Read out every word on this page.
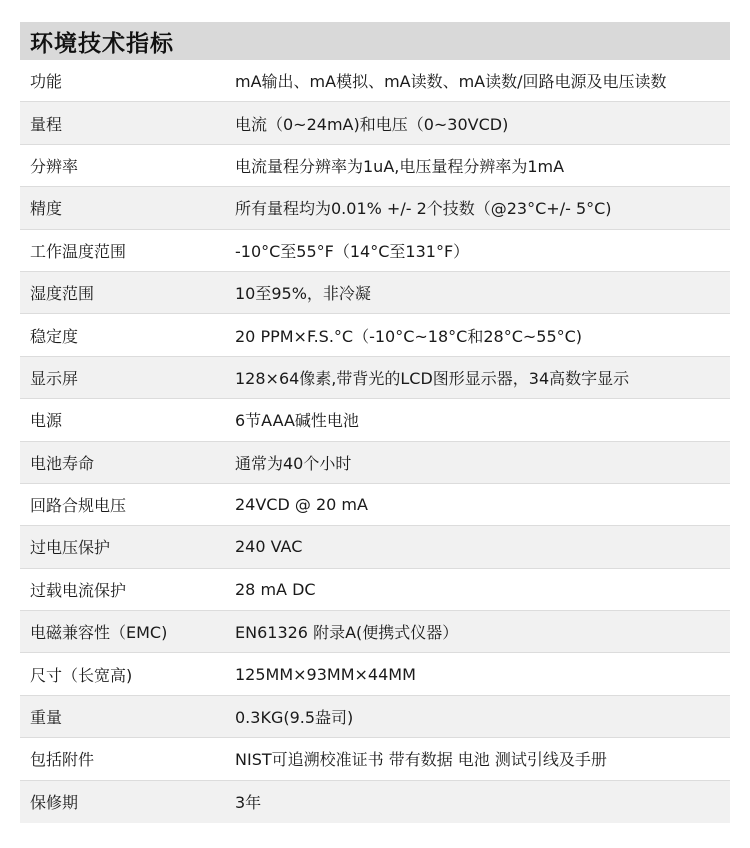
环境技术指标
功能	mA输出、mA模拟、mA读数、mA读数/回路电源及电压读数
量程	电流（0~24mA)和电压（0~30VCD)
分辨率	电流量程分辨率为1uA,电压量程分辨率为1mA
精度	所有量程均为0.01% +/- 2个技数（@23°C+/- 5°C)
工作温度范围	-10°C至55°F（14°C至131°F）
湿度范围	10至95%，非冷凝
稳定度	20 PPM×F.S.°C（-10°C~18°C和28°C~55°C)
显示屏	128×64像素,带背光的LCD图形显示器，34高数字显示
电源	6节AAA碱性电池
电池寿命	通常为40个小时
回路合规电压	24VCD @ 20 mA
过电压保护	240 VAC
过载电流保护	28 mA DC
电磁兼容性（EMC)	EN61326 附录A(便携式仪器）
尺寸（长宽高)	125MM×93MM×44MM
重量	0.3KG(9.5盎司)
包括附件	NIST可追溯校准证书 带有数据 电池 测试引线及手册
保修期	3年
